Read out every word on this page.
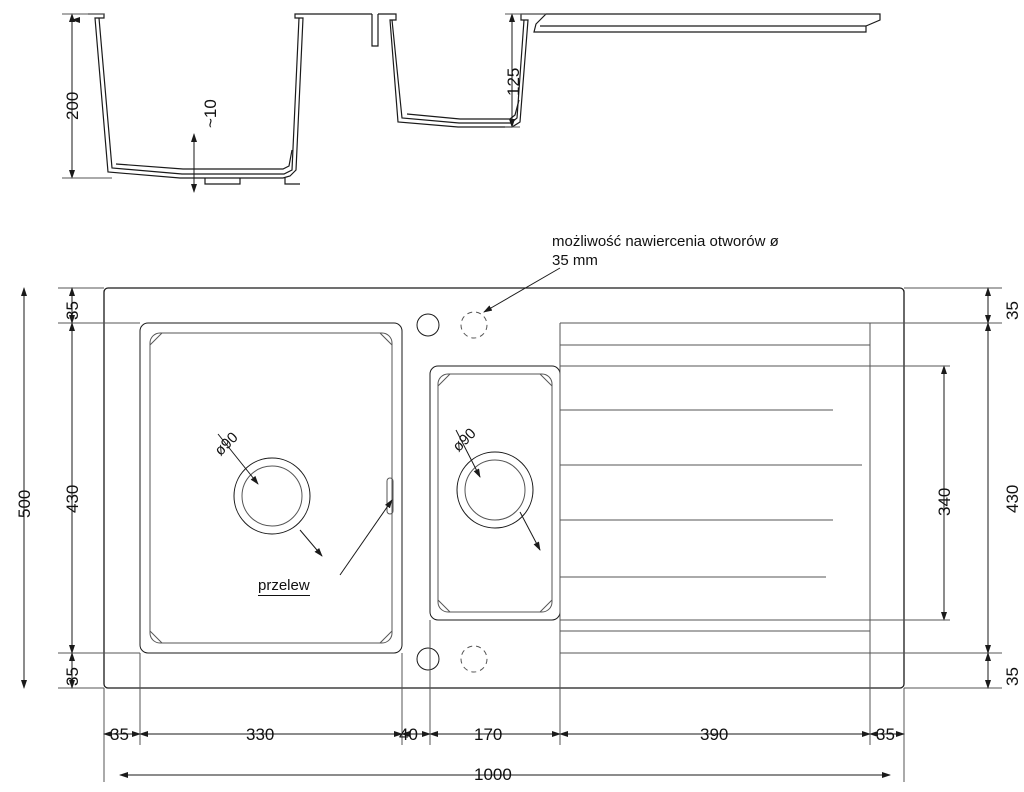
200	~10
125
możliwość nawiercenia otworów ø 35 mm
przelew
ø90	ø90
35
430
35
500
35
430
35
340
35	330	40	170	390	35
1000
